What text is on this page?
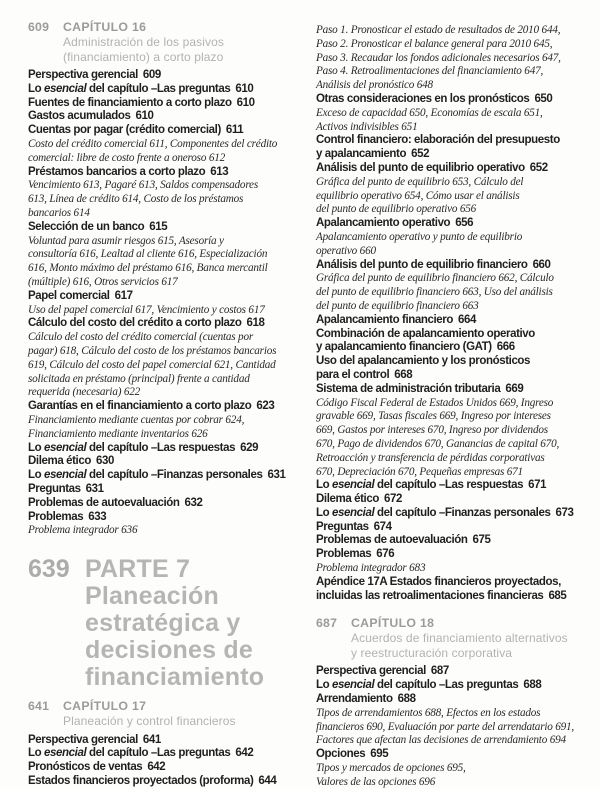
609	CAPÍTULO 16
Administración de los pasivos
(financiamiento) a corto plazo
Perspectiva gerencial 609
Lo esencial del capítulo –Las preguntas 610
Fuentes de financiamiento a corto plazo 610
Gastos acumulados 610
Cuentas por pagar (crédito comercial) 611
Costo del crédito comercial 611, Componentes del crédito
comercial: libre de costo frente a oneroso 612
Préstamos bancarios a corto plazo 613
Vencimiento 613, Pagaré 613, Saldos compensadores
613, Línea de crédito 614, Costo de los préstamos
bancarios 614
Selección de un banco 615
Voluntad para asumir riesgos 615, Asesoría y
consultoría 616, Lealtad al cliente 616, Especialización
616, Monto máximo del préstamo 616, Banca mercantil
(múltiple) 616, Otros servicios 617
Papel comercial 617
Uso del papel comercial 617, Vencimiento y costos 617
Cálculo del costo del crédito a corto plazo 618
Cálculo del costo del crédito comercial (cuentas por
pagar) 618, Cálculo del costo de los préstamos bancarios
619, Cálculo del costo del papel comercial 621, Cantidad
solicitada en préstamo (principal) frente a cantidad
requerida (necesaria) 622
Garantías en el financiamiento a corto plazo 623
Financiamiento mediante cuentas por cobrar 624,
Financiamiento mediante inventarios 626
Lo esencial del capítulo –Las respuestas 629
Dilema ético 630
Lo esencial del capítulo –Finanzas personales 631
Preguntas 631
Problemas de autoevaluación 632
Problemas 633
Problema integrador 636
639 PARTE 7
Planeación
estratégica y
decisiones de
financiamiento
641	CAPÍTULO 17
Planeación y control financieros
Perspectiva gerencial 641
Lo esencial del capítulo –Las preguntas 642
Pronósticos de ventas 642
Estados financieros proyectados (proforma) 644
Paso 1. Pronosticar el estado de resultados de 2010 644,
Paso 2. Pronosticar el balance general para 2010 645,
Paso 3. Recaudar los fondos adicionales necesarios 647,
Paso 4. Retroalimentaciones del financiamiento 647,
Análisis del pronóstico 648
Otras consideraciones en los pronósticos 650
Exceso de capacidad 650, Economías de escala 651,
Activos indivisibles 651
Control financiero: elaboración del presupuesto
y apalancamiento 652
Análisis del punto de equilibrio operativo 652
Gráfica del punto de equilibrio 653, Cálculo del
equilibrio operativo 654, Cómo usar el análisis
del punto de equilibrio operativo 656
Apalancamiento operativo 656
Apalancamiento operativo y punto de equilibrio
operativo 660
Análisis del punto de equilibrio financiero 660
Gráfica del punto de equilibrio financiero 662, Cálculo
del punto de equilibrio financiero 663, Uso del análisis
del punto de equilibrio financiero 663
Apalancamiento financiero 664
Combinación de apalancamiento operativo
y apalancamiento financiero (GAT) 666
Uso del apalancamiento y los pronósticos
para el control 668
Sistema de administración tributaria 669
Código Fiscal Federal de Estados Unidos 669, Ingreso
gravable 669, Tasas fiscales 669, Ingreso por intereses
669, Gastos por intereses 670, Ingreso por dividendos
670, Pago de dividendos 670, Ganancias de capital 670,
Retroacción y transferencia de pérdidas corporativas
670, Depreciación 670, Pequeñas empresas 671
Lo esencial del capítulo –Las respuestas 671
Dilema ético 672
Lo esencial del capítulo –Finanzas personales 673
Preguntas 674
Problemas de autoevaluación 675
Problemas 676
Problema integrador 683
Apéndice 17A Estados financieros proyectados,
incluidas las retroalimentaciones financieras 685
687	CAPÍTULO 18
Acuerdos de financiamiento alternativos
y reestructuración corporativa
Perspectiva gerencial 687
Lo esencial del capítulo –Las preguntas 688
Arrendamiento 688
Tipos de arrendamientos 688, Efectos en los estados
financieros 690, Evaluación por parte del arrendatario 691,
Factores que afectan las decisiones de arrendamiento 694
Opciones 695
Tipos y mercados de opciones 695,
Valores de las opciones 696
